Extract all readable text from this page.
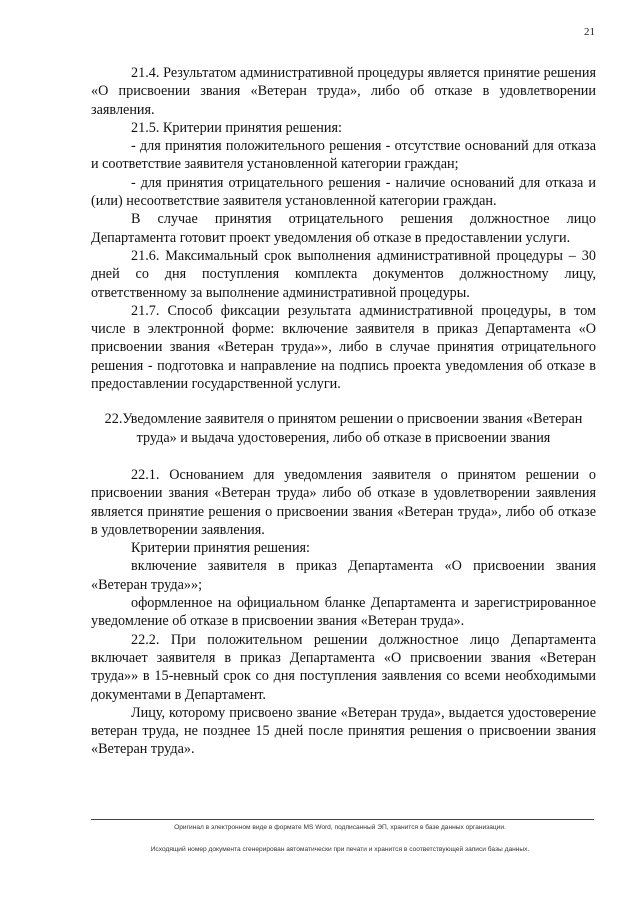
21

21.4. Результатом административной процедуры является принятие решения «О присвоении звания «Ветеран труда», либо об отказе в удовлетворении заявления.

21.5. Критерии принятия решения:

- для принятия положительного решения - отсутствие оснований для отказа и соответствие заявителя установленной категории граждан;

- для принятия отрицательного решения - наличие оснований для отказа и (или) несоответствие заявителя установленной категории граждан.

В случае принятия отрицательного решения должностное лицо Департамента готовит проект уведомления об отказе в предоставлении услуги.

21.6. Максимальный срок выполнения административной процедуры – 30 дней со дня поступления комплекта документов должностному лицу, ответственному за выполнение административной процедуры.

21.7. Способ фиксации результата административной процедуры, в том числе в электронной форме: включение заявителя в приказ Департамента «О присвоении звания «Ветеран труда»», либо в случае принятия отрицательного решения - подготовка и направление на подпись проекта уведомления об отказе в предоставлении государственной услуги.

22.Уведомление заявителя о принятом решении о присвоении звания «Ветеран труда» и выдача удостоверения, либо об отказе в присвоении звания

22.1. Основанием для уведомления заявителя о принятом решении о присвоении звания «Ветеран труда» либо об отказе в удовлетворении заявления является принятие решения о присвоении звания «Ветеран труда», либо об отказе в удовлетворении заявления.

Критерии принятия решения:

включение заявителя в приказ Департамента «О присвоении звания «Ветеран труда»»;

оформленное на официальном бланке Департамента и зарегистрированное уведомление об отказе в присвоении звания «Ветеран труда».

22.2. При положительном решении должностное лицо Департамента включает заявителя в приказ Департамента «О присвоении звания «Ветеран труда»» в 15-невный срок со дня поступления заявления со всеми необходимыми документами в Департамент.

Лицу, которому присвоено звание «Ветеран труда», выдается удостоверение ветеран труда, не позднее 15 дней после принятия решения о присвоении звания «Ветеран труда».

Оригинал в электронном виде в формате MS Word, подписанный ЭП, хранится в базе данных организации.
Исходящий номер документа сгенерирован автоматически при печати и хранится в соответствующей записи базы данных.
